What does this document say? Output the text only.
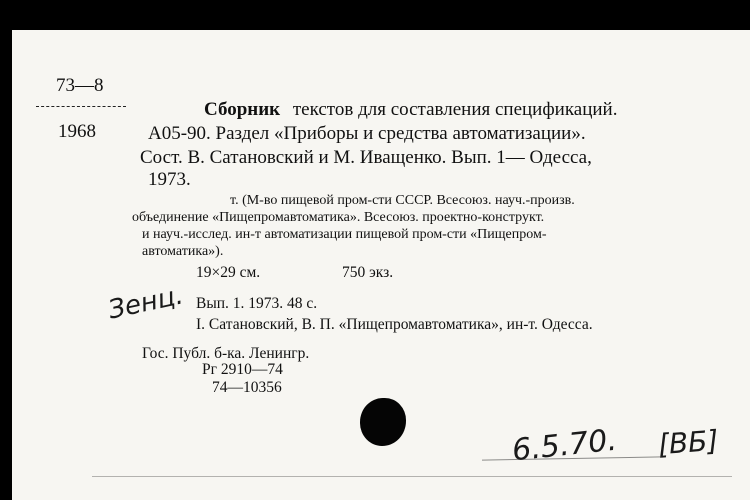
73—8
1968
Сборник текстов для составления спецификаций.
А05-90. Раздел «Приборы и средства автоматизации».
Сост. В. Сатановский и М. Иващенко. Вып. 1— Одесса,
1973.
т. (М-во пищевой пром-сти СССР. Всесоюз. науч.-произв.
объединение «Пищепромавтоматика». Всесоюз. проектно-конструкт.
и науч.-исслед. ин-т автоматизации пищевой пром-сти «Пищепром-
автоматика»).
19×29 см.	750 экз.
Вып. 1. 1973. 48 с.
I. Сатановский, В. П. «Пищепромавтоматика», ин-т. Одесса.
Гос. Публ. б-ка. Ленингр.
Рг 2910—74
74—10356
Зенц.
6.5.70. [ВБ]
